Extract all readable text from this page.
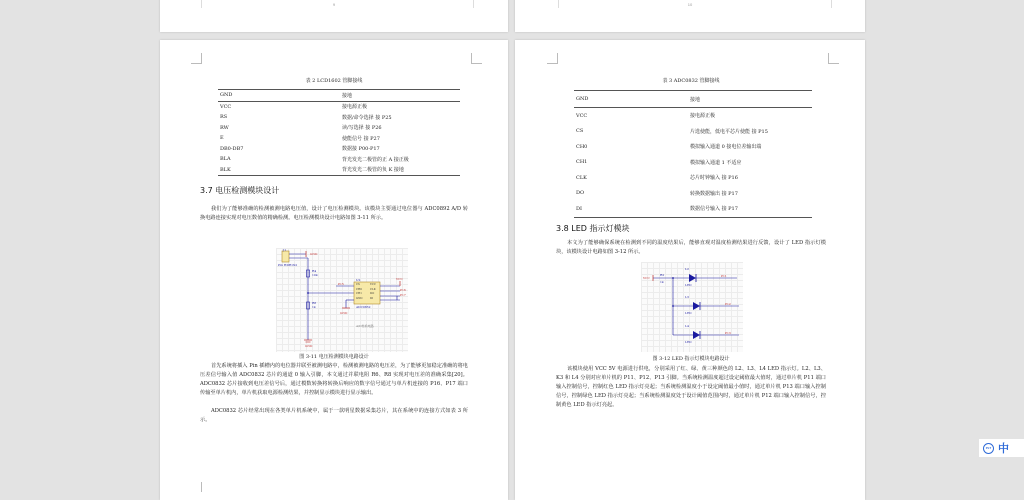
9	10
表 2 LCD1602 管脚接线
GND	接地
VCC	接电源正极
RS	数据/命令选择 接 P25
RW	读/写选择 接 P26
E	使能信号 接 P27
DB0-DB7	数据接 P00-P17
BLA	背光发光二极管的正 A 接正极
BLK	背光发光二极管的负 K 接地
3.7 电压检测模块设计

我们为了能够准确的检测被测电路电压值，设计了电压检测模块。该模块主要通过电位器与 ADC0892 A/D 转换电路连接实现对电压数值的精确检测。电压检测模块设计电路如图 3-11 所示。

J1
Pin HDR1X2
GND
R4
10k
R8
1k
GND
U2
P15
VCC
P16
P17
CS
CH0
CH1
GND
VCC
CLK
DO
DI
ADC0832
GND
A/D转换电路
图 3-11 电压检测模块电路设计

首先系统将插入 Pin 插槽内的电位器并联至被测电路中，检测被测电路的电压差，为了能够更加稳定准确的将电压差信号输入值 ADC0832 芯片的通道 0 输入引脚，本文通过并联电阻 R6、R8 实现对电压差的准确采集[20]。ADC0832 芯片接收到电压差信号后，通过模数转换将转换后响应的数字信号通过与单片机连接的 P16、P17 端口传输至单片机内，单片机获取电源检测结果，并控制显示模块进行显示输出。

ADC0832 芯片经常出现在各类单片机系统中，属于一款明星数据采集芯片，其在系统中的连接方式如表 3 所示。

表 3 ADC0832 管脚接线
GND	接地
VCC	接电源正极
CS	片选使能，低电平芯片使能 接 P15
CH0	模拟输入通道 0 接电位差输出端
CH1	模拟输入通道 1 不适应
CLK	芯片时钟输入 接 P16
DO	转换数据输出 接 P17
DI	数据信号输入 接 P17
3.8 LED 指示灯模块

本文为了能够确保系统在检测到不同的温度结果后，能够直观对温度检测结果进行反馈，设计了 LED 指示灯模块，该模块设计电路如图 3-12 所示。

VCC
R2
1k
L2
LED
P11
L3
LED
P12
L4
LED
P13
图 3-12 LED 指示灯模块电路设计

该模块使用 VCC 5V 电源进行供电，分别采用了红、绿、黄三种颜色的 L2、L3、L4 LED 指示灯。L2、L3、K3 和 L4 分别对应单片机的 P11、P12、P13 引脚。当系统检测温度超过设定阈值最大值时，通过单片机 P11 端口输入控制信号，控制红色 LED 指示灯亮起；当系统检测温度小于设定阈值最小值时，通过单片机 P13 端口输入控制信号，控制绿色 LED 指示灯亮起；当系统检测温度处于设计阈值范围内时，通过单片机 P12 端口输入控制信号，控制黄色 LED 指示灯亮起。

PLT 中
